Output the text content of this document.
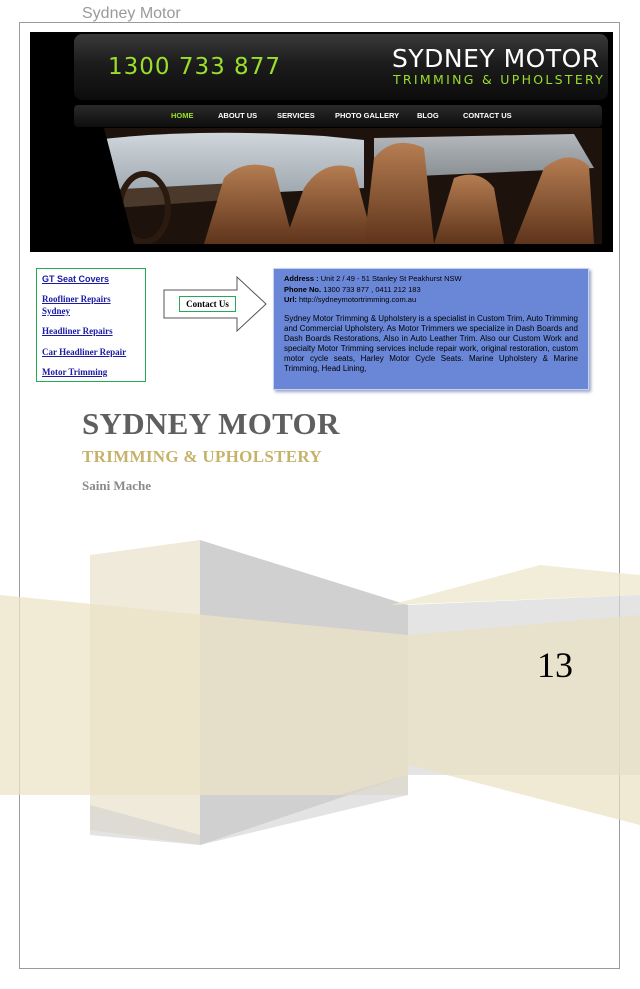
Sydney Motor
1300 733 877	SYDNEY MOTOR
TRIMMING & UPHOLSTERY
HOME	ABOUT US	SERVICES	PHOTO GALLERY BLOG	CONTACT US
GT Seat Covers
Roofliner Repairs
Sydney
Headliner Repairs
Car Headliner Repair
Motor Trimming
Contact Us
Address : Unit 2 / 49 - 51 Stanley St Peakhurst NSW
Phone No. 1300 733 877 , 0411 212 183
Url: http://sydneymotortrimming.com.au
Sydney Motor Trimming & Upholstery is a specialist in Custom Trim, Auto Trimming and Commercial Upholstery. As Motor Trimmers we specialize in Dash Boards and Dash Boards Restorations, Also in Auto Leather Trim. Also our Custom Work and specialty Motor Trimming services include repair work, original restoration, custom motor cycle seats, Harley Motor Cycle Seats. Marine Upholstery & Marine Trimming, Head Lining,
SYDNEY MOTOR
TRIMMING & UPHOLSTERY
Saini Mache
13
